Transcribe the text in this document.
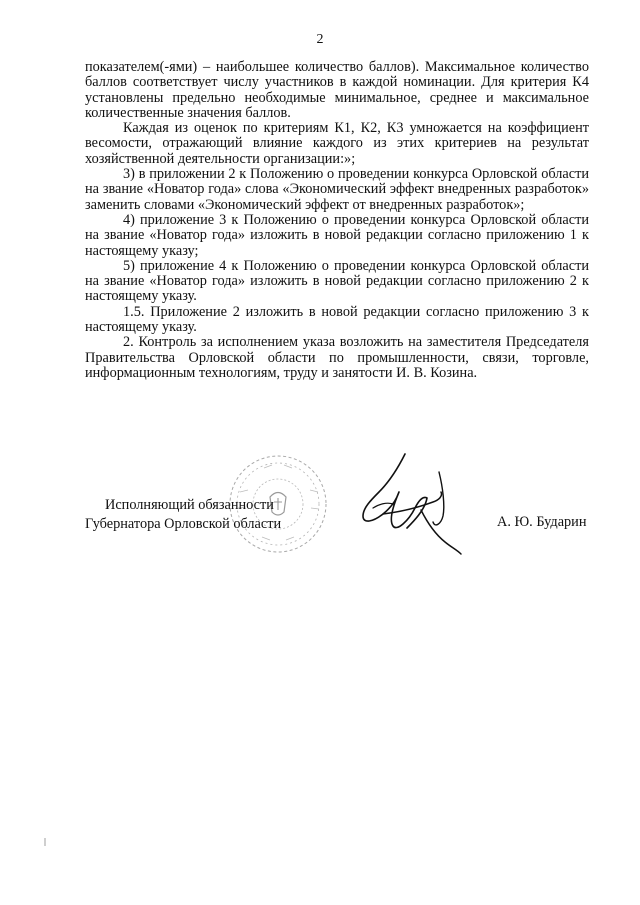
2

показателем(-ями) – наибольшее количество баллов). Максимальное количество баллов соответствует числу участников в каждой номинации. Для критерия К4 установлены предельно необходимые минимальное, среднее и максимальное количественные значения баллов.

Каждая из оценок по критериям К1, К2, К3 умножается на коэффициент весомости, отражающий влияние каждого из этих критериев на результат хозяйственной деятельности организации:»;

3) в приложении 2 к Положению о проведении конкурса Орловской области на звание «Новатор года» слова «Экономический эффект внедренных разработок» заменить словами «Экономический эффект от внедренных разработок»;

4) приложение 3 к Положению о проведении конкурса Орловской области на звание «Новатор года» изложить в новой редакции согласно приложению 1 к настоящему указу;

5) приложение 4 к Положению о проведении конкурса Орловской области на звание «Новатор года» изложить в новой редакции согласно приложению 2 к настоящему указу.

1.5. Приложение 2 изложить в новой редакции согласно приложению 3 к настоящему указу.

2. Контроль за исполнением указа возложить на заместителя Председателя Правительства Орловской области по промышленности, связи, торговле, информационным технологиям, труду и занятости И. В. Козина.

Исполняющий обязанности
Губернатора Орловской области	А. Ю. Бударин
